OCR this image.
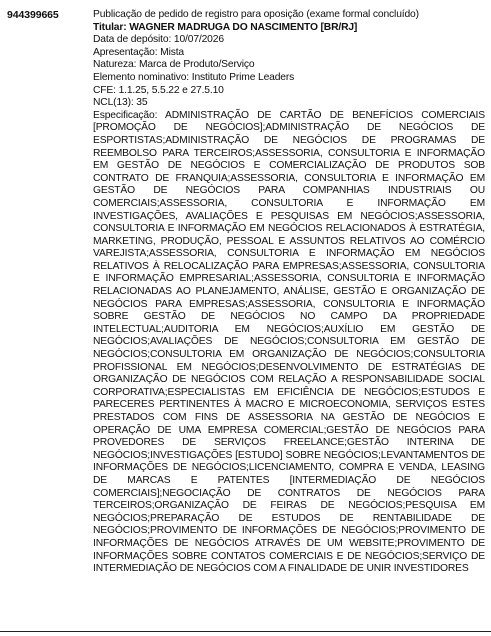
944399665	Publicação de pedido de registro para oposição (exame formal concluído)
Titular: WAGNER MADRUGA DO NASCIMENTO [BR/RJ]
Data de depósito: 10/07/2026
Apresentação: Mista
Natureza: Marca de Produto/Serviço
Elemento nominativo: Instituto Prime Leaders
CFE: 1.1.25, 5.5.22 e 27.5.10
NCL(13): 35
Especificação: ADMINISTRAÇÃO DE CARTÃO DE BENEFÍCIOS COMERCIAIS [PROMOÇÃO DE NEGÓCIOS];ADMINISTRAÇÃO DE NEGÓCIOS DE ESPORTISTAS;ADMINISTRAÇÃO DE NEGÓCIOS DE PROGRAMAS DE REEMBOLSO PARA TERCEIROS;ASSESSORIA, CONSULTORIA E INFORMAÇÃO EM GESTÃO DE NEGÓCIOS E COMERCIALIZAÇÃO DE PRODUTOS SOB CONTRATO DE FRANQUIA;ASSESSORIA, CONSULTORIA E INFORMAÇÃO EM GESTÃO DE NEGÓCIOS PARA COMPANHIAS INDUSTRIAIS OU COMERCIAIS;ASSESSORIA, CONSULTORIA E INFORMAÇÃO EM INVESTIGAÇÕES, AVALIAÇÕES E PESQUISAS EM NEGÓCIOS;ASSESSORIA, CONSULTORIA E INFORMAÇÃO EM NEGÓCIOS RELACIONADOS À ESTRATÉGIA, MARKETING, PRODUÇÃO, PESSOAL E ASSUNTOS RELATIVOS AO COMÉRCIO VAREJISTA;ASSESSORIA, CONSULTORIA E INFORMAÇÃO EM NEGÓCIOS RELATIVOS À RELOCALIZAÇÃO PARA EMPRESAS;ASSESSORIA, CONSULTORIA E INFORMAÇÃO EMPRESARIAL;ASSESSORIA, CONSULTORIA E INFORMAÇÃO RELACIONADAS AO PLANEJAMENTO, ANÁLISE, GESTÃO E ORGANIZAÇÃO DE NEGÓCIOS PARA EMPRESAS;ASSESSORIA, CONSULTORIA E INFORMAÇÃO SOBRE GESTÃO DE NEGÓCIOS NO CAMPO DA PROPRIEDADE INTELECTUAL;AUDITORIA EM NEGÓCIOS;AUXÍLIO EM GESTÃO DE NEGÓCIOS;AVALIAÇÕES DE NEGÓCIOS;CONSULTORIA EM GESTÃO DE NEGÓCIOS;CONSULTORIA EM ORGANIZAÇÃO DE NEGÓCIOS;CONSULTORIA PROFISSIONAL EM NEGÓCIOS;DESENVOLVIMENTO DE ESTRATÉGIAS DE ORGANIZAÇÃO DE NEGÓCIOS COM RELAÇÃO A RESPONSABILIDADE SOCIAL CORPORATIVA;ESPECIALISTAS EM EFICIÊNCIA DE NEGÓCIOS;ESTUDOS E PARECERES PERTINENTES À MACRO E MICROECONOMIA, SERVIÇOS ESTES PRESTADOS COM FINS DE ASSESSORIA NA GESTÃO DE NEGÓCIOS E OPERAÇÃO DE UMA EMPRESA COMERCIAL;GESTÃO DE NEGÓCIOS PARA PROVEDORES DE SERVIÇOS FREELANCE;GESTÃO INTERINA DE NEGÓCIOS;INVESTIGAÇÕES [ESTUDO] SOBRE NEGÓCIOS;LEVANTAMENTOS DE INFORMAÇÕES DE NEGÓCIOS;LICENCIAMENTO, COMPRA E VENDA, LEASING DE MARCAS E PATENTES [INTERMEDIAÇÃO DE NEGÓCIOS COMERCIAIS];NEGOCIAÇÃO DE CONTRATOS DE NEGÓCIOS PARA TERCEIROS;ORGANIZAÇÃO DE FEIRAS DE NEGÓCIOS;PESQUISA EM NEGÓCIOS;PREPARAÇÃO DE ESTUDOS DE RENTABILIDADE DE NEGÓCIOS;PROVIMENTO DE INFORMAÇÕES DE NEGÓCIOS;PROVIMENTO DE INFORMAÇÕES DE NEGÓCIOS ATRAVÉS DE UM WEBSITE;PROVIMENTO DE INFORMAÇÕES SOBRE CONTATOS COMERCIAIS E DE NEGÓCIOS;SERVIÇO DE INTERMEDIAÇÃO DE NEGÓCIOS COM A FINALIDADE DE UNIR INVESTIDORES
